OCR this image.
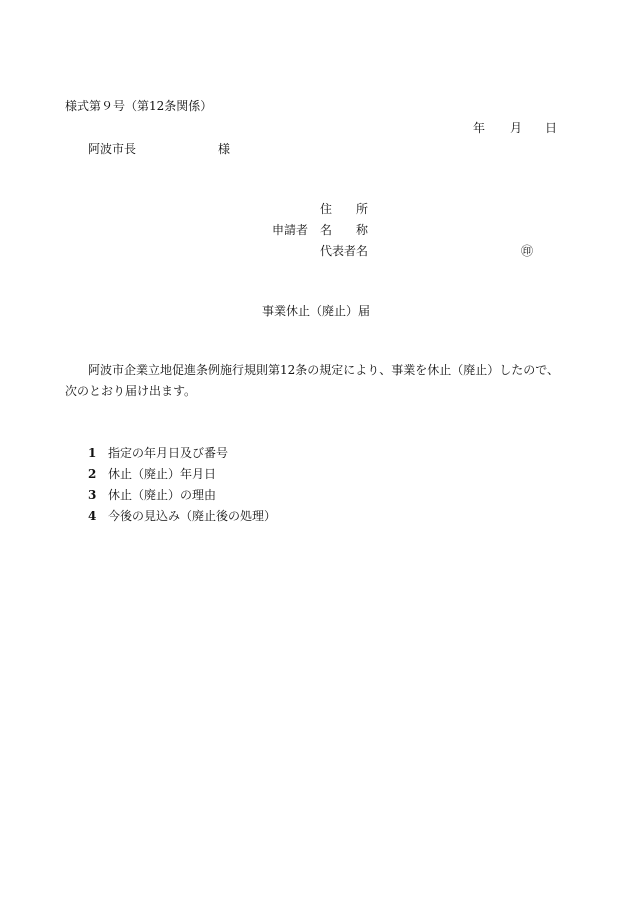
様式第９号（第12条関係）
年 月 日
阿波市長	様
住　　所
申請者 名　　称
代表者名	㊞
事業休止（廃止）届
阿波市企業立地促進条例施行規則第12条の規定により、事業を休止（廃止）したので、
次のとおり届け出ます。
1 指定の年月日及び番号
2 休止（廃止）年月日
3 休止（廃止）の理由
4 今後の見込み（廃止後の処理）
